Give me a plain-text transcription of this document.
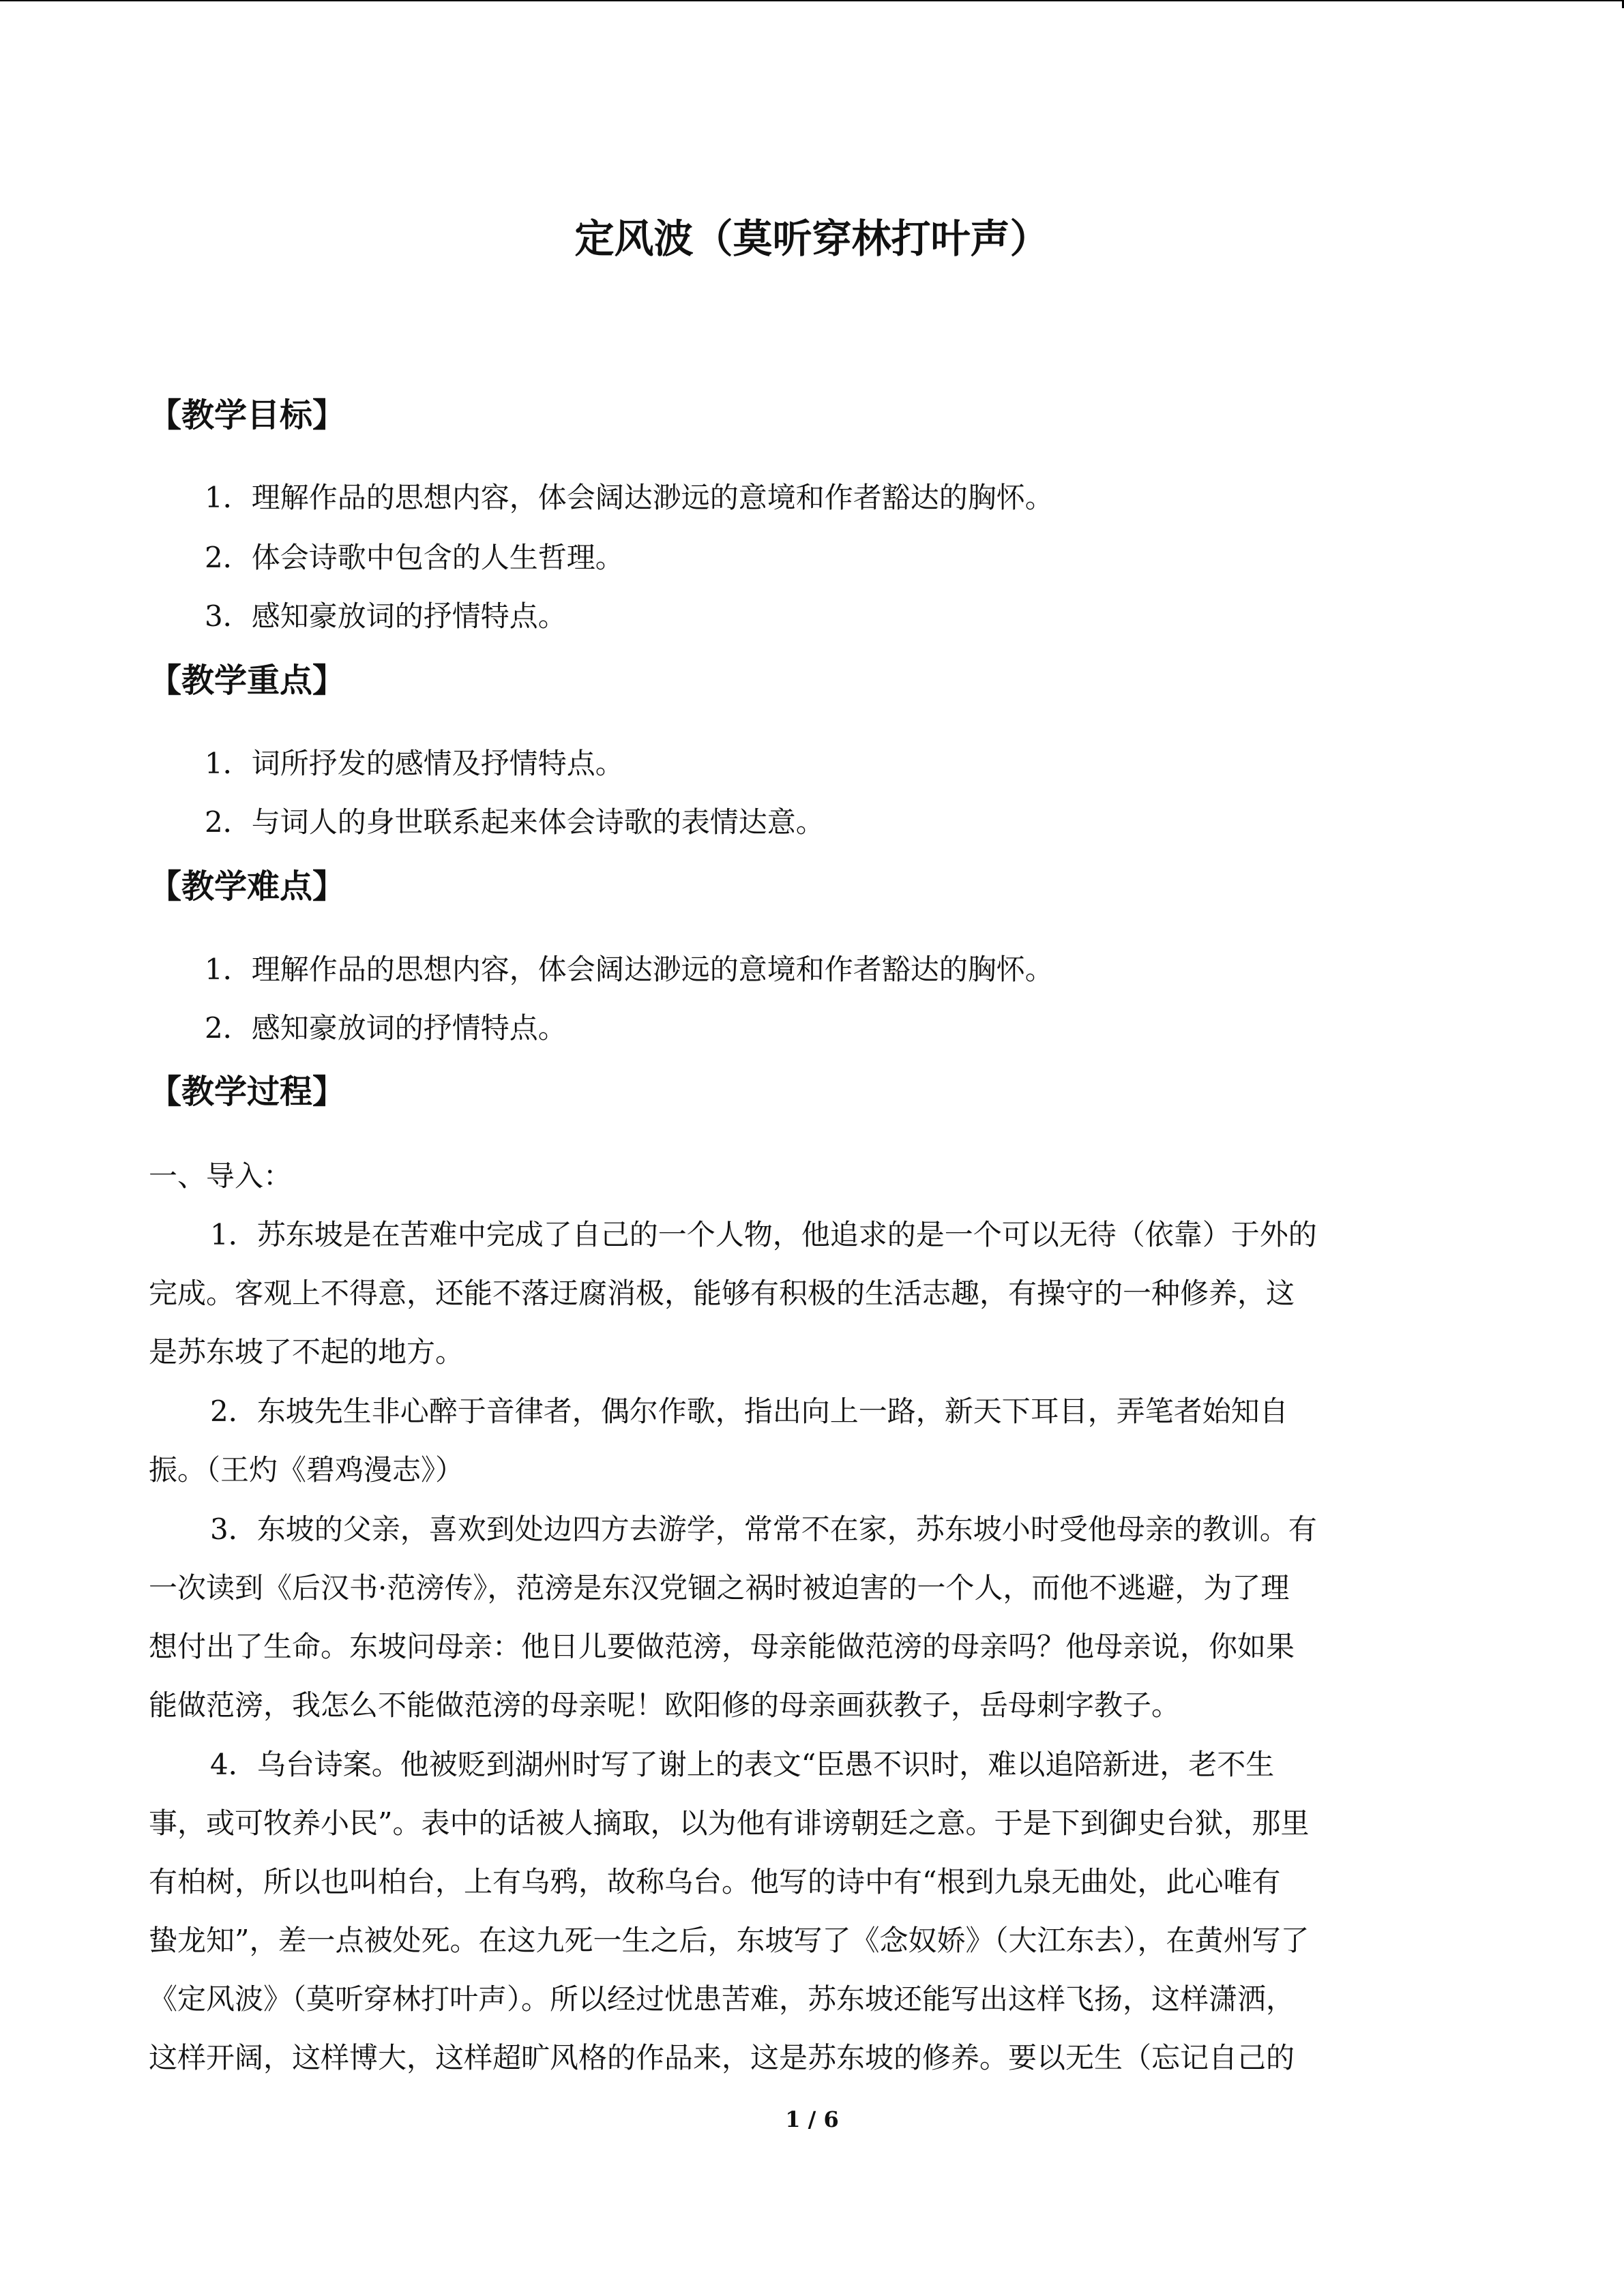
定风波（莫听穿林打叶声）
【教学目标】

1．理解作品的思想内容，体会阔达渺远的意境和作者豁达的胸怀。

2．体会诗歌中包含的人生哲理。

3．感知豪放词的抒情特点。

【教学重点】

1．词所抒发的感情及抒情特点。

2．与词人的身世联系起来体会诗歌的表情达意。

【教学难点】

1．理解作品的思想内容，体会阔达渺远的意境和作者豁达的胸怀。

2．感知豪放词的抒情特点。

【教学过程】

一、导入：

1．苏东坡是在苦难中完成了自己的一个人物，他追求的是一个可以无待（依靠）于外的
完成。客观上不得意，还能不落迂腐消极，能够有积极的生活志趣，有操守的一种修养，这
是苏东坡了不起的地方。
2．东坡先生非心醉于音律者，偶尔作歌，指出向上一路，新天下耳目，弄笔者始知自
振。（王灼《碧鸡漫志》）
3．东坡的父亲，喜欢到处边四方去游学，常常不在家，苏东坡小时受他母亲的教训。有
一次读到《后汉书·范滂传》，范滂是东汉党锢之祸时被迫害的一个人，而他不逃避，为了理
想付出了生命。东坡问母亲：他日儿要做范滂，母亲能做范滂的母亲吗？他母亲说，你如果
能做范滂，我怎么不能做范滂的母亲呢！欧阳修的母亲画荻教子，岳母刺字教子。
4．乌台诗案。他被贬到湖州时写了谢上的表文“臣愚不识时，难以追陪新进，老不生
事，或可牧养小民”。表中的话被人摘取，以为他有诽谤朝廷之意。于是下到御史台狱，那里
有柏树，所以也叫柏台，上有乌鸦，故称乌台。他写的诗中有“根到九泉无曲处，此心唯有
蛰龙知”，差一点被处死。在这九死一生之后，东坡写了《念奴娇》（大江东去），在黄州写了
《定风波》（莫听穿林打叶声）。所以经过忧患苦难，苏东坡还能写出这样飞扬，这样潇洒，
这样开阔，这样博大，这样超旷风格的作品来，这是苏东坡的修养。要以无生（忘记自己的

1 / 6
